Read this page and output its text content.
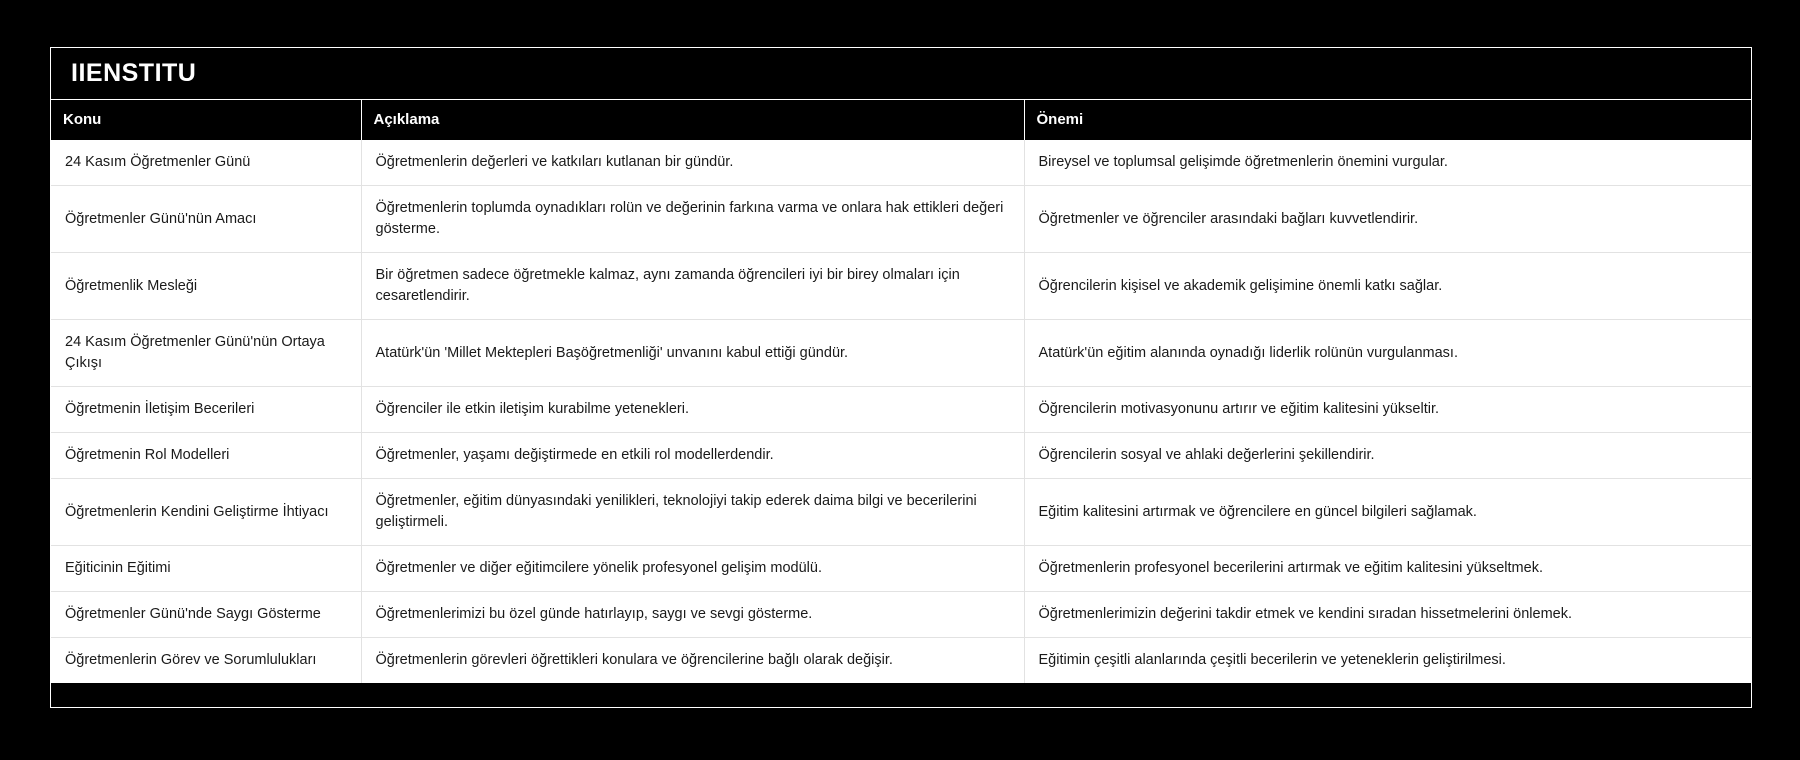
IIENSTITU
Konu	Açıklama	Önemi
24 Kasım Öğretmenler Günü	Öğretmenlerin değerleri ve katkıları kutlanan bir gündür.	Bireysel ve toplumsal gelişimde öğretmenlerin önemini vurgular.
Öğretmenler Günü'nün Amacı	Öğretmenlerin toplumda oynadıkları rolün ve değerinin farkına varma ve onlara hak ettikleri değeri gösterme.	Öğretmenler ve öğrenciler arasındaki bağları kuvvetlendirir.
Öğretmenlik Mesleği	Bir öğretmen sadece öğretmekle kalmaz, aynı zamanda öğrencileri iyi bir birey olmaları için cesaretlendirir.	Öğrencilerin kişisel ve akademik gelişimine önemli katkı sağlar.
24 Kasım Öğretmenler Günü'nün Ortaya Çıkışı	Atatürk'ün 'Millet Mektepleri Başöğretmenliği' unvanını kabul ettiği gündür.	Atatürk'ün eğitim alanında oynadığı liderlik rolünün vurgulanması.
Öğretmenin İletişim Becerileri	Öğrenciler ile etkin iletişim kurabilme yetenekleri.	Öğrencilerin motivasyonunu artırır ve eğitim kalitesini yükseltir.
Öğretmenin Rol Modelleri	Öğretmenler, yaşamı değiştirmede en etkili rol modellerdendir.	Öğrencilerin sosyal ve ahlaki değerlerini şekillendirir.
Öğretmenlerin Kendini Geliştirme İhtiyacı	Öğretmenler, eğitim dünyasındaki yenilikleri, teknolojiyi takip ederek daima bilgi ve becerilerini geliştirmeli.	Eğitim kalitesini artırmak ve öğrencilere en güncel bilgileri sağlamak.
Eğiticinin Eğitimi	Öğretmenler ve diğer eğitimcilere yönelik profesyonel gelişim modülü.	Öğretmenlerin profesyonel becerilerini artırmak ve eğitim kalitesini yükseltmek.
Öğretmenler Günü'nde Saygı Gösterme	Öğretmenlerimizi bu özel günde hatırlayıp, saygı ve sevgi gösterme.	Öğretmenlerimizin değerini takdir etmek ve kendini sıradan hissetmelerini önlemek.
Öğretmenlerin Görev ve Sorumlulukları	Öğretmenlerin görevleri öğrettikleri konulara ve öğrencilerine bağlı olarak değişir.	Eğitimin çeşitli alanlarında çeşitli becerilerin ve yeteneklerin geliştirilmesi.
